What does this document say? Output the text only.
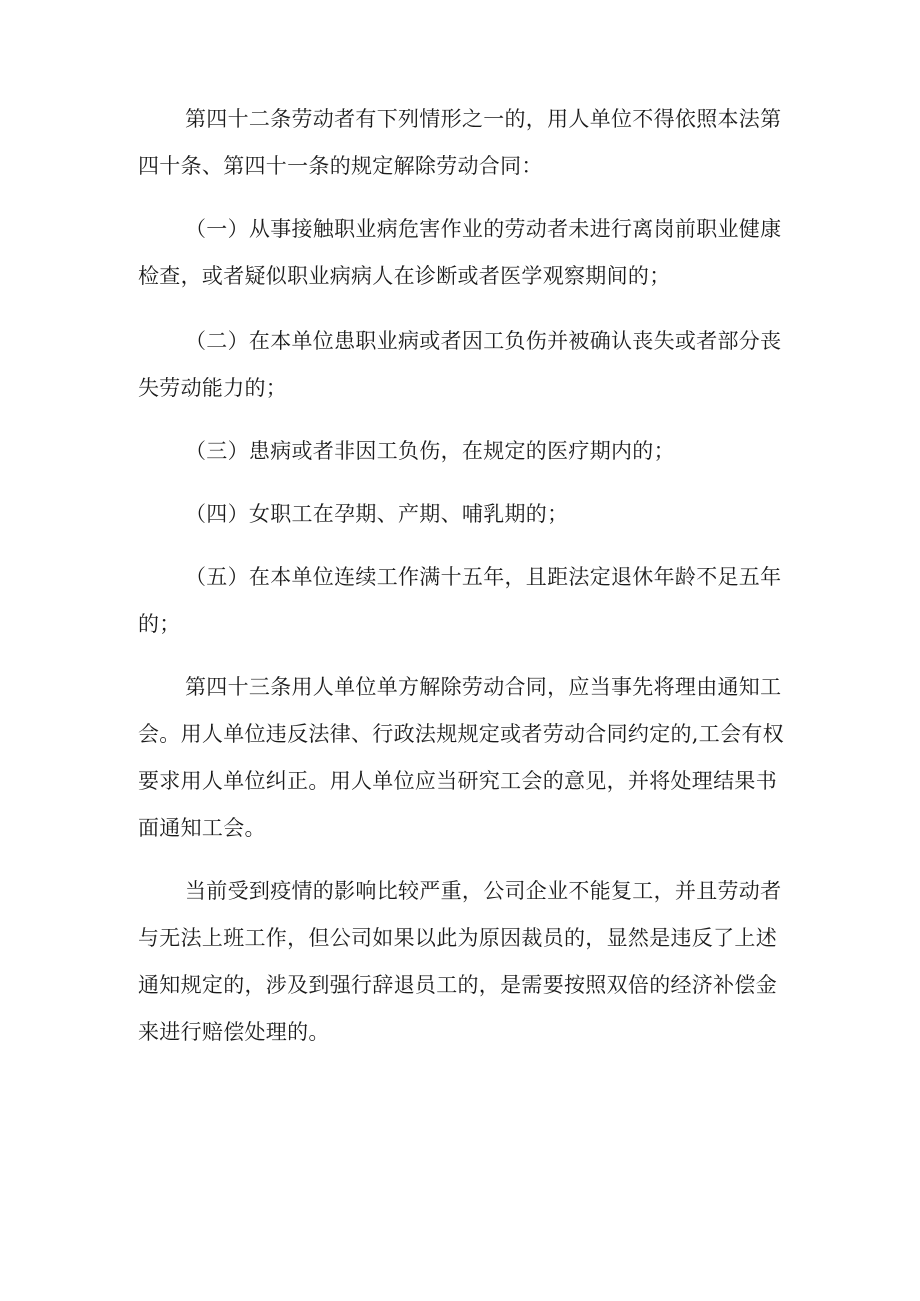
第四十二条劳动者有下列情形之一的，用人单位不得依照本法第
四十条、第四十一条的规定解除劳动合同：

（一）从事接触职业病危害作业的劳动者未进行离岗前职业健康
检查，或者疑似职业病病人在诊断或者医学观察期间的；

（二）在本单位患职业病或者因工负伤并被确认丧失或者部分丧
失劳动能力的；

（三）患病或者非因工负伤，在规定的医疗期内的；

（四）女职工在孕期、产期、哺乳期的；

（五）在本单位连续工作满十五年，且距法定退休年龄不足五年
的；

第四十三条用人单位单方解除劳动合同，应当事先将理由通知工
会。用人单位违反法律、行政法规规定或者劳动合同约定的,工会有权
要求用人单位纠正。用人单位应当研究工会的意见，并将处理结果书
面通知工会。

当前受到疫情的影响比较严重，公司企业不能复工，并且劳动者
与无法上班工作，但公司如果以此为原因裁员的，显然是违反了上述
通知规定的，涉及到强行辞退员工的，是需要按照双倍的经济补偿金
来进行赔偿处理的。
